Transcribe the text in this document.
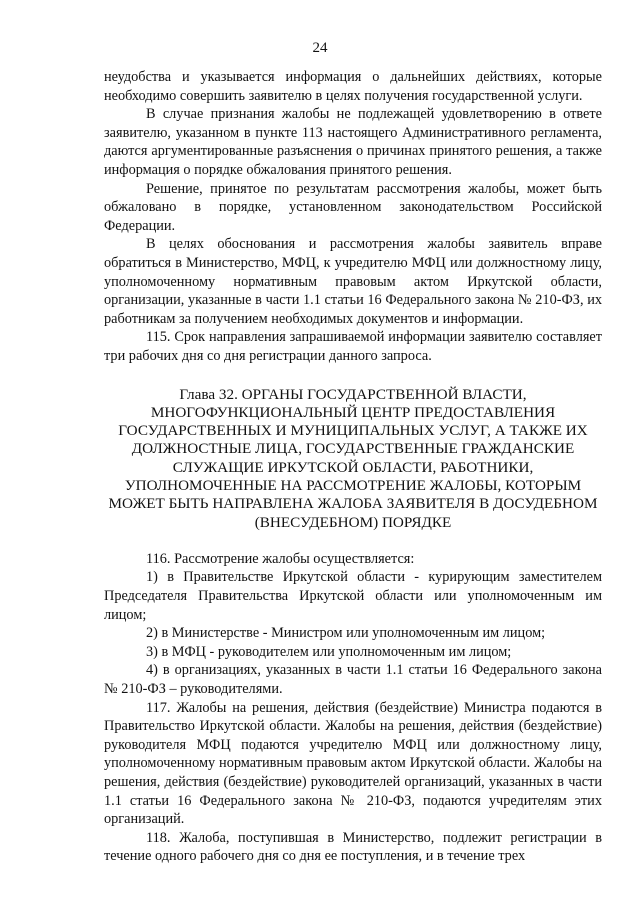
24

неудобства и указывается информация о дальнейших действиях, которые необходимо совершить заявителю в целях получения государственной услуги.

В случае признания жалобы не подлежащей удовлетворению в ответе заявителю, указанном в пункте 113 настоящего Административного регламента, даются аргументированные разъяснения о причинах принятого решения, а также информация о порядке обжалования принятого решения.

Решение, принятое по результатам рассмотрения жалобы, может быть обжаловано в порядке, установленном законодательством Российской Федерации.

В целях обоснования и рассмотрения жалобы заявитель вправе обратиться в Министерство, МФЦ, к учредителю МФЦ или должностному лицу, уполномоченному нормативным правовым актом Иркутской области, организации, указанные в части 1.1 статьи 16 Федерального закона № 210-ФЗ, их работникам за получением необходимых документов и информации.

115. Срок направления запрашиваемой информации заявителю составляет три рабочих дня со дня регистрации данного запроса.

Глава 32. ОРГАНЫ ГОСУДАРСТВЕННОЙ ВЛАСТИ, МНОГОФУНКЦИОНАЛЬНЫЙ ЦЕНТР ПРЕДОСТАВЛЕНИЯ ГОСУДАРСТВЕННЫХ И МУНИЦИПАЛЬНЫХ УСЛУГ, А ТАКЖЕ ИХ ДОЛЖНОСТНЫЕ ЛИЦА, ГОСУДАРСТВЕННЫЕ ГРАЖДАНСКИЕ СЛУЖАЩИЕ ИРКУТСКОЙ ОБЛАСТИ, РАБОТНИКИ, УПОЛНОМОЧЕННЫЕ НА РАССМОТРЕНИЕ ЖАЛОБЫ, КОТОРЫМ МОЖЕТ БЫТЬ НАПРАВЛЕНА ЖАЛОБА ЗАЯВИТЕЛЯ В ДОСУДЕБНОМ (ВНЕСУДЕБНОМ) ПОРЯДКЕ

116. Рассмотрение жалобы осуществляется:

1) в Правительстве Иркутской области - курирующим заместителем Председателя Правительства Иркутской области или уполномоченным им лицом;

2) в Министерстве - Министром или уполномоченным им лицом;

3) в МФЦ - руководителем или уполномоченным им лицом;

4) в организациях, указанных в части 1.1 статьи 16 Федерального закона № 210-ФЗ – руководителями.

117. Жалобы на решения, действия (бездействие) Министра подаются в Правительство Иркутской области. Жалобы на решения, действия (бездействие) руководителя МФЦ подаются учредителю МФЦ или должностному лицу, уполномоченному нормативным правовым актом Иркутской области. Жалобы на решения, действия (бездействие) руководителей организаций, указанных в части 1.1 статьи 16 Федерального закона № 210-ФЗ, подаются учредителям этих организаций.

118. Жалоба, поступившая в Министерство, подлежит регистрации в течение одного рабочего дня со дня ее поступления, и в течение трех
